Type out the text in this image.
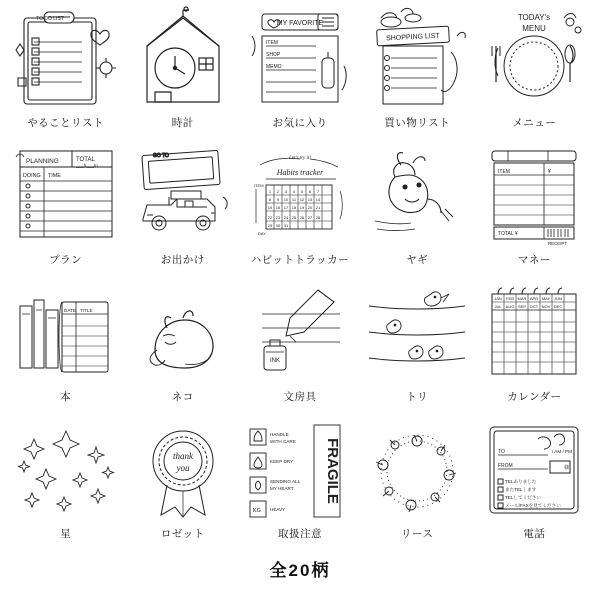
TO DO LIST
やることリスト	時計
MY FAVORITE
ITEM
SHOP
MEMO
お気に入り
SHOPPING LIST
買い物リスト
TODAY's
MENU
メニュー
PLANNING	TOTAL
___h___m
DOING TIME
プラン
GO TO
お出かけ
Habits tracker
Let's try it!
ITEM
DAY
1 2 3 4 5 6 7
8 9 10 11 12 13 14
15 16 17 18 19 20 21
22 23 24 25 26 27 28
29 30 31
ハビットトラッカー	ヤギ
ITEM	¥
TOTAL ¥
RECEIPT
マネー
DATE TITLE
本	ネコ
INK
文房具	トリ
JAN FEB MAR APR MAY JUN
JUL AUG SEP OCT NOV DEC
カレンダー
星
thank
you
ロゼット
HANDLE
WITH CARE
KEEP DRY
SENDING ALL
MY HEART
KG HEAVY
FRAGILE
取扱注意	リース
TO
FROM
/ AM / PM
様
TELありました
またTELします
TELしてください
メール/FAXを見てください
電話
全20柄
